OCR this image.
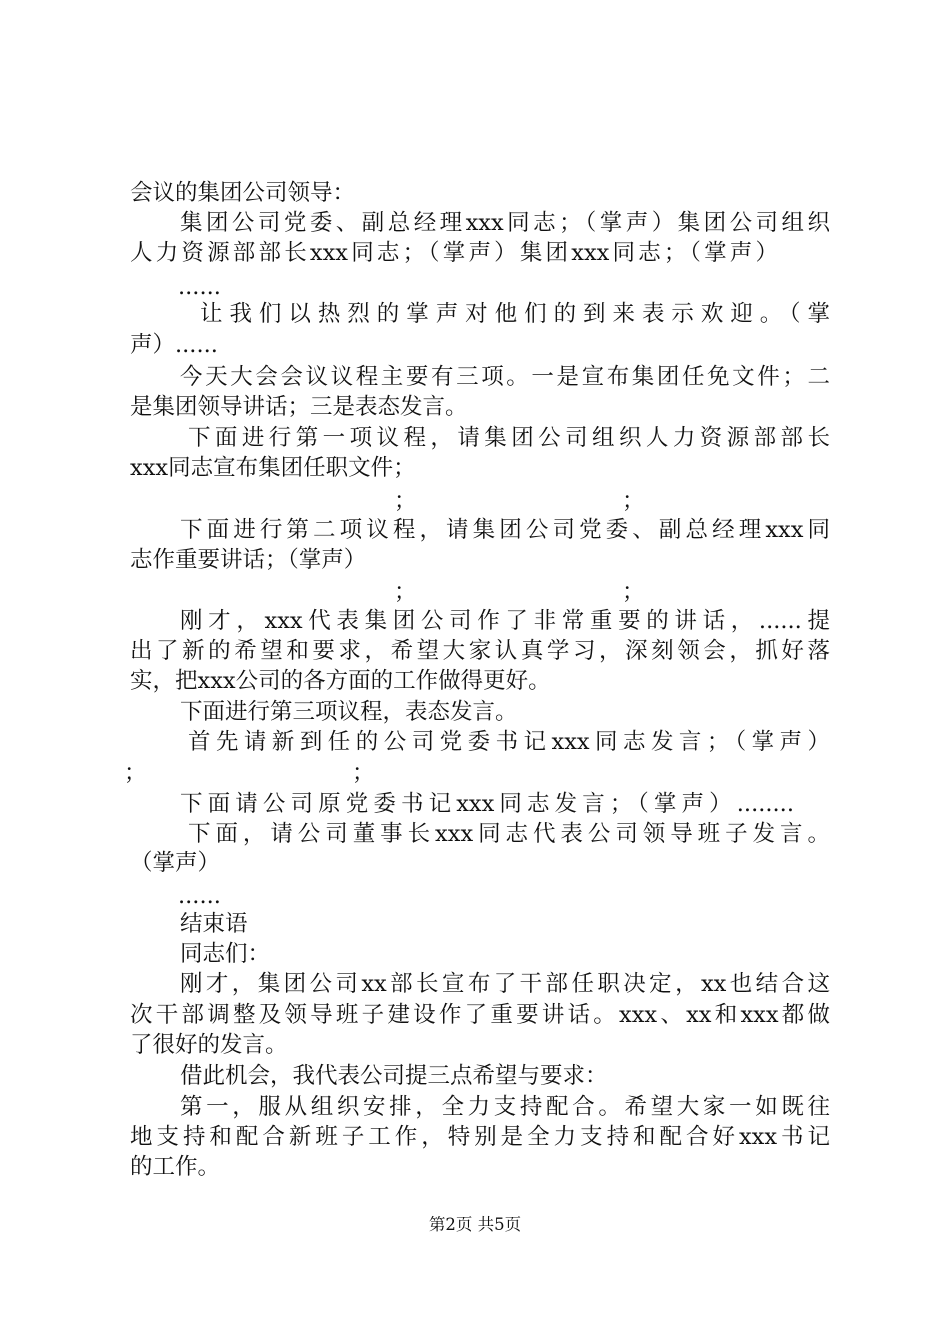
会议的集团公司领导：
集团公司党委、副总经理xxx同志；（掌声）集团公司组织
人力资源部部长xxx同志；（掌声）集团xxx同志；（掌声）
......
让我们以热烈的掌声对他们的到来表示欢迎。（掌
声）......
今天大会会议议程主要有三项。一是宣布集团任免文件；二
是集团领导讲话；三是表态发言。
下面进行第一项议程，请集团公司组织人力资源部部长
xxx同志宣布集团任职文件；
；	；
下面进行第二项议程，请集团公司党委、副总经理xxx同
志作重要讲话；（掌声）
；	；
刚才，xxx代表集团公司作了非常重要的讲话，......提
出了新的希望和要求，希望大家认真学习，深刻领会，抓好落
实，把xxx公司的各方面的工作做得更好。
下面进行第三项议程，表态发言。
首先请新到任的公司党委书记xxx同志发言；（掌声）
；	；
下面请公司原党委书记xxx同志发言；（掌声）........
下面，请公司董事长xxx同志代表公司领导班子发言。
（掌声）
......
结束语
同志们：
刚才，集团公司xx部长宣布了干部任职决定，xx也结合这
次干部调整及领导班子建设作了重要讲话。xxx、xx和xxx都做
了很好的发言。
借此机会，我代表公司提三点希望与要求：
第一，服从组织安排，全力支持配合。希望大家一如既往
地支持和配合新班子工作，特别是全力支持和配合好xxx书记
的工作。
第2页 共5页
